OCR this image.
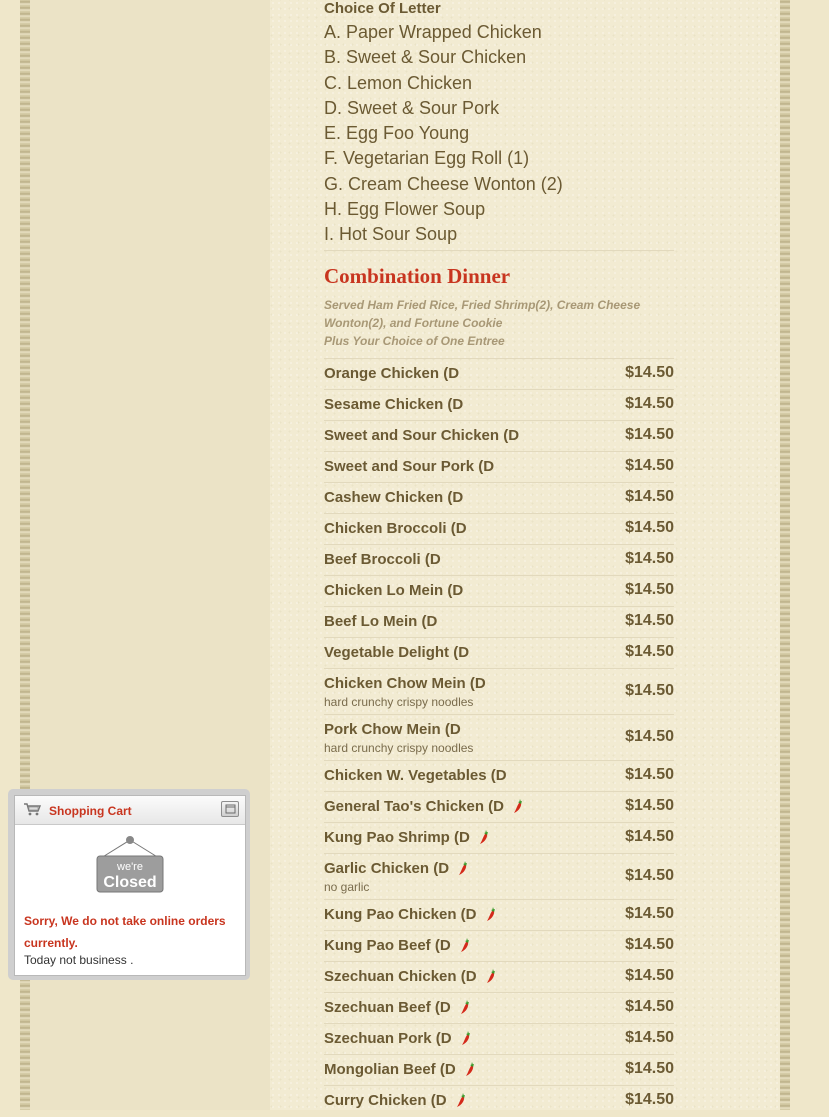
Choice Of Letter
A. Paper Wrapped Chicken
B. Sweet & Sour Chicken
C. Lemon Chicken
D. Sweet & Sour Pork
E. Egg Foo Young
F. Vegetarian Egg Roll (1)
G. Cream Cheese Wonton (2)
H. Egg Flower Soup
I. Hot Sour Soup
Combination Dinner
Served Ham Fried Rice, Fried Shrimp(2), Cream Cheese Wonton(2), and Fortune Cookie
Plus Your Choice of One Entree
Orange Chicken (D	$14.50
Sesame Chicken (D	$14.50
Sweet and Sour Chicken (D	$14.50
Sweet and Sour Pork (D	$14.50
Cashew Chicken (D	$14.50
Chicken Broccoli (D	$14.50
Beef Broccoli (D	$14.50
Chicken Lo Mein (D	$14.50
Beef Lo Mein (D	$14.50
Vegetable Delight (D	$14.50
Chicken Chow Mein (D
hard crunchy crispy noodles
$14.50
Pork Chow Mein (D
hard crunchy crispy noodles
$14.50
Chicken W. Vegetables (D	$14.50
General Tao's Chicken (D	$14.50
Kung Pao Shrimp (D	$14.50
Garlic Chicken (D
no garlic
$14.50
Kung Pao Chicken (D	$14.50
Kung Pao Beef (D	$14.50
Szechuan Chicken (D	$14.50
Szechuan Beef (D	$14.50
Szechuan Pork (D	$14.50
Mongolian Beef (D	$14.50
Curry Chicken (D	$14.50
Shopping Cart
we're
Closed
Sorry, We do not take online orders currently.
Today not business .
